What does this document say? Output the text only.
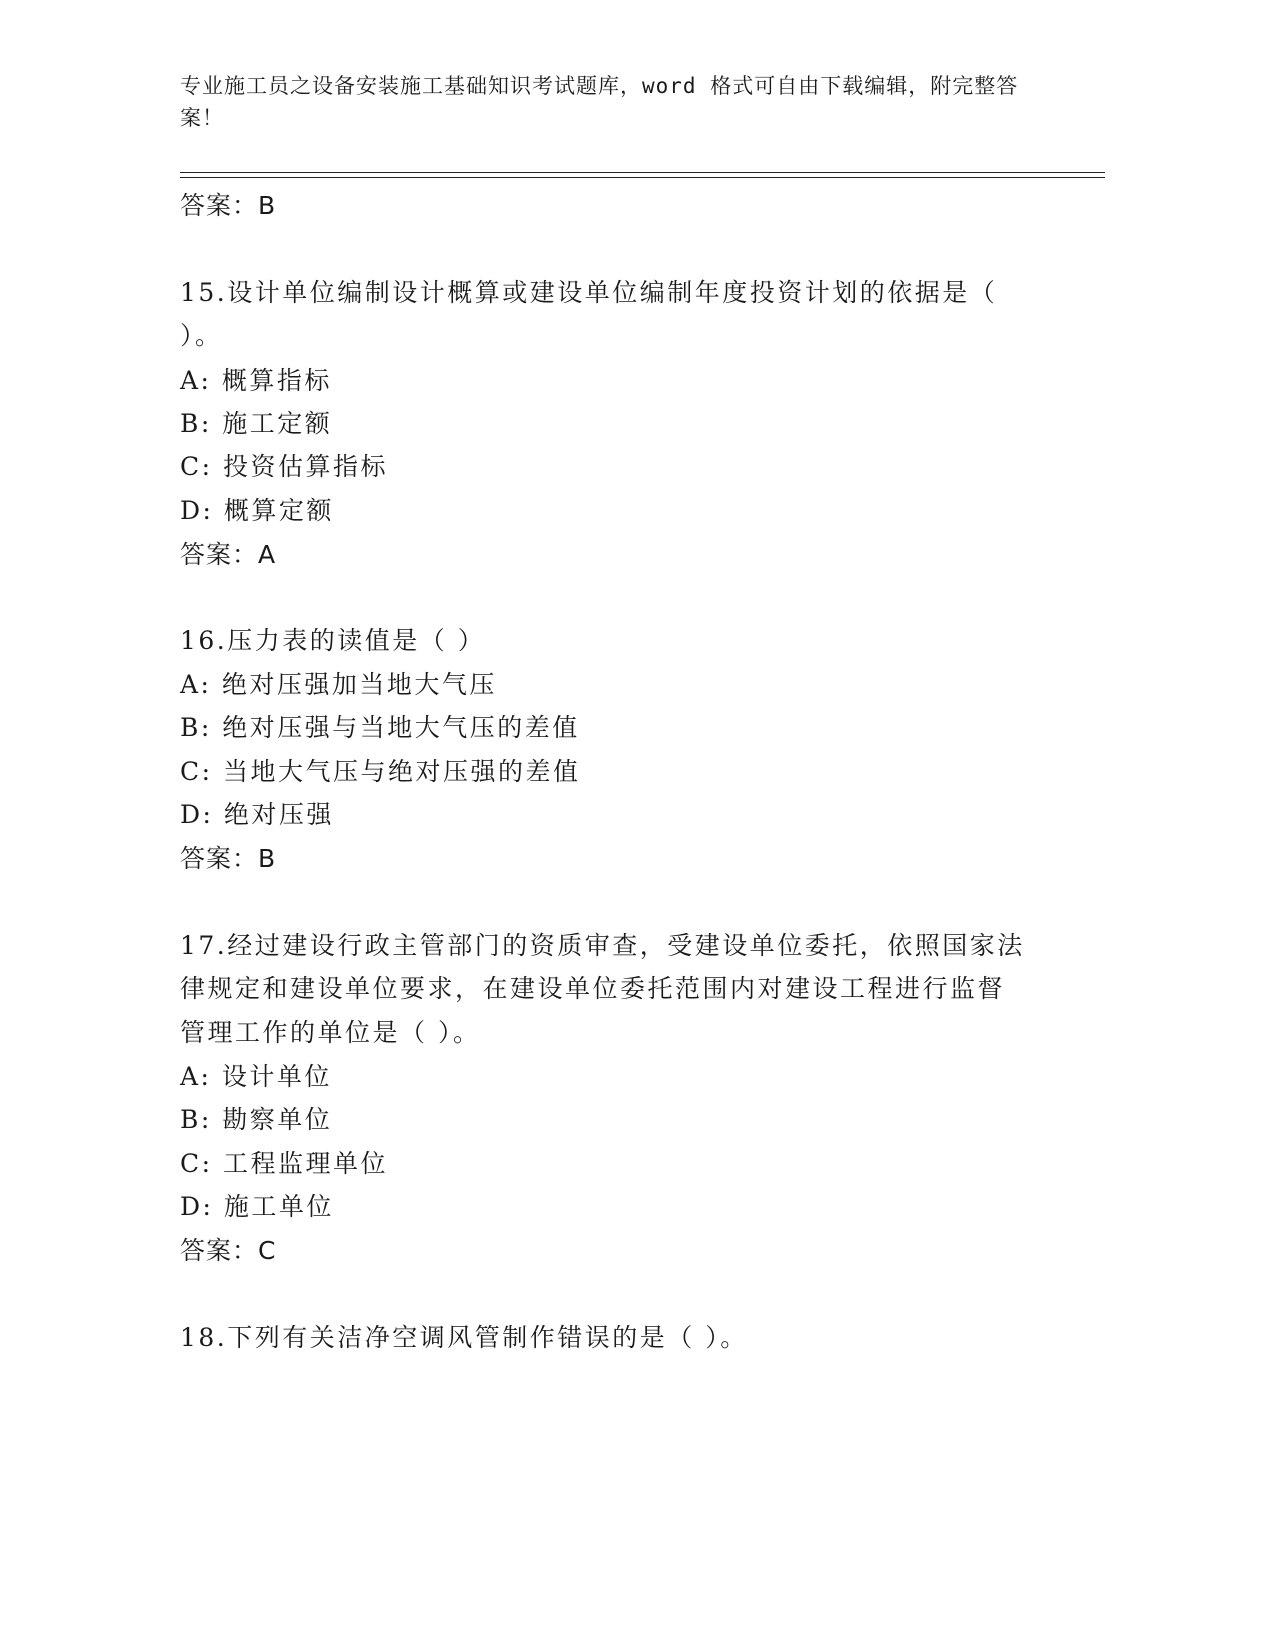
专业施工员之设备安装施工基础知识考试题库，word 格式可自由下载编辑，附完整答案！
答案：B
15.设计单位编制设计概算或建设单位编制年度投资计划的依据是（
）。
A: 概算指标
B: 施工定额
C: 投资估算指标
D: 概算定额
答案：A
16.压力表的读值是（ ）
A: 绝对压强加当地大气压
B: 绝对压强与当地大气压的差值
C: 当地大气压与绝对压强的差值
D: 绝对压强
答案：B
17.经过建设行政主管部门的资质审查，受建设单位委托，依照国家法
律规定和建设单位要求，在建设单位委托范围内对建设工程进行监督
管理工作的单位是（ ）。
A: 设计单位
B: 勘察单位
C: 工程监理单位
D: 施工单位
答案：C
18.下列有关洁净空调风管制作错误的是（ ）。
